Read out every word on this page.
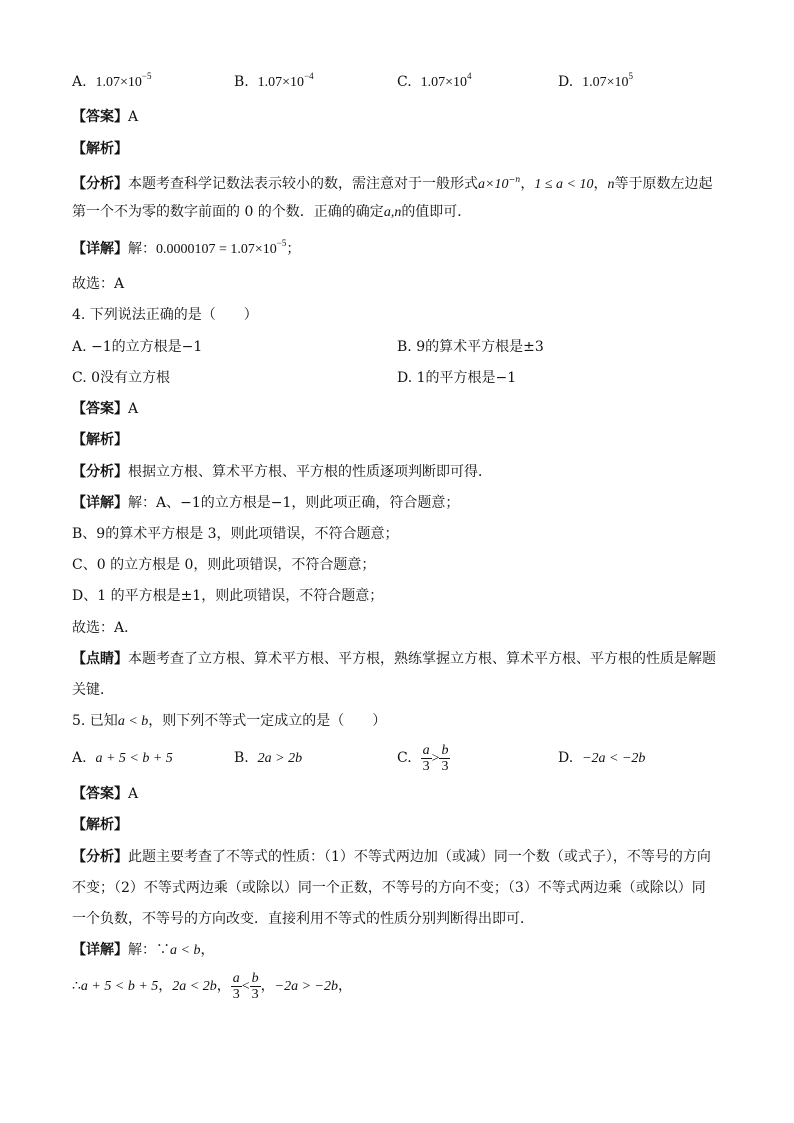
A. $1.07\times 10^{-5}$	B. $1.07\times 10^{-4}$	C. $1.07\times 10^4$	D. $1.07\times 10^5$
【答案】A
【解析】
【分析】本题考查科学记数法表示较小的数，需注意对于一般形式$a\times 10^{-n}$，1 ≤ a < 10，n等于原数左边起
第一个不为零的数字前面的 0 的个数．正确的确定a,n的值即可．
【详解】解：$0.0000107 = 1.07\times 10^{-5}$；
故选：A
4. 下列说法正确的是（　　）
A. −1的立方根是−1	B. 9的算术平方根是±3
C. 0没有立方根	D. 1的平方根是−1
【答案】A
【解析】
【分析】根据立方根、算术平方根、平方根的性质逐项判断即可得．
【详解】解：A、−1的立方根是−1，则此项正确，符合题意；
B、9的算术平方根是 3，则此项错误，不符合题意；
C、0 的立方根是 0，则此项错误，不符合题意；
D、1 的平方根是±1，则此项错误，不符合题意；
故选：A．
【点睛】本题考查了立方根、算术平方根、平方根，熟练掌握立方根、算术平方根、平方根的性质是解题
关键．
5. 已知a < b，则下列不等式一定成立的是（　　）
A. a + 5 < b + 5	B. 2a > 2b	C. $\frac{a}{3} > \frac{b}{3}$	D. −2a < −2b
【答案】A
【解析】
【分析】此题主要考查了不等式的性质：（1）不等式两边加（或减）同一个数（或式子），不等号的方向
不变；（2）不等式两边乘（或除以）同一个正数，不等号的方向不变；（3）不等式两边乘（或除以）同
一个负数，不等号的方向改变．直接利用不等式的性质分别判断得出即可．
【详解】解：∵a < b，
∴a + 5 < b + 5，2a < 2b， $\frac{a}{3} < \frac{b}{3}$ ，−2a > −2b，
